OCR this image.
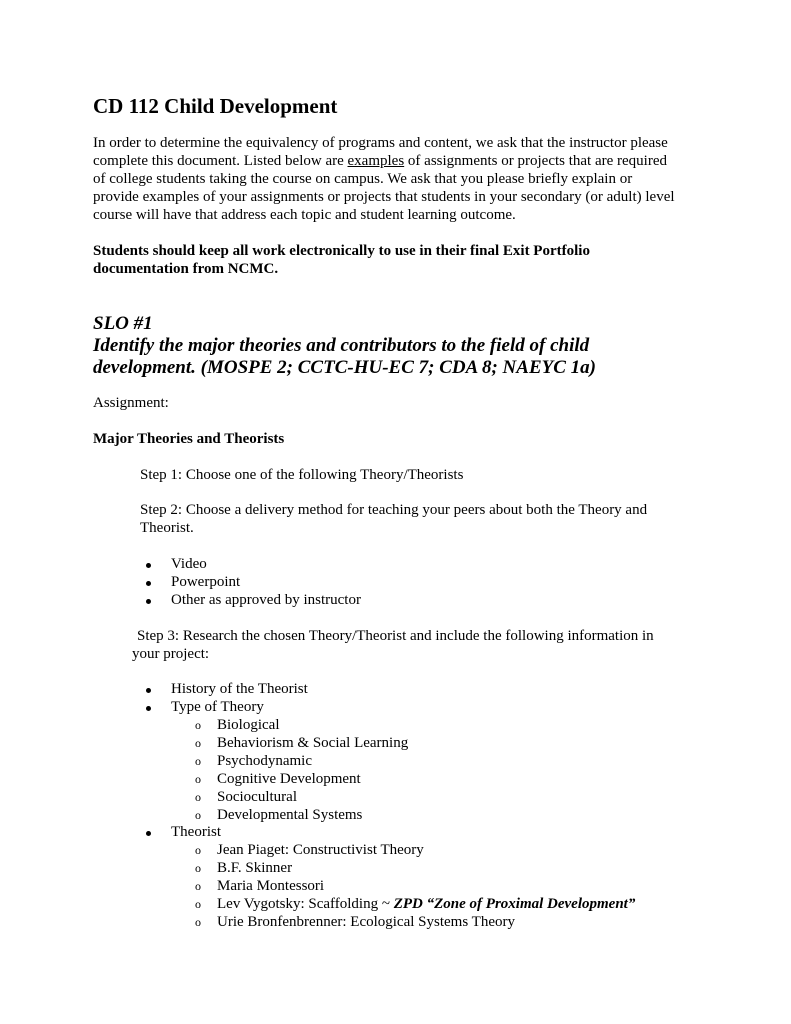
CD 112 Child Development
In order to determine the equivalency of programs and content, we ask that the instructor please
complete this document. Listed below are examples of assignments or projects that are required
of college students taking the course on campus. We ask that you please briefly explain or
provide examples of your assignments or projects that students in your secondary (or adult) level
course will have that address each topic and student learning outcome.
Students should keep all work electronically to use in their final Exit Portfolio
documentation from NCMC.
SLO #1
Identify the major theories and contributors to the field of child
development. (MOSPE 2; CCTC-HU-EC 7; CDA 8; NAEYC 1a)
Assignment:
Major Theories and Theorists
Step 1: Choose one of the following Theory/Theorists
Step 2: Choose a delivery method for teaching your peers about both the Theory and
Theorist.
Video
Powerpoint
Other as approved by instructor
Step 3: Research the chosen Theory/Theorist and include the following information in
your project:
History of the Theorist
Type of Theory
o Biological
o Behaviorism & Social Learning
o Psychodynamic
o Cognitive Development
o Sociocultural
o Developmental Systems
Theorist
o Jean Piaget: Constructivist Theory
o B.F. Skinner
o Maria Montessori
o Lev Vygotsky: Scaffolding ~ ZPD “Zone of Proximal Development”
o Urie Bronfenbrenner: Ecological Systems Theory
